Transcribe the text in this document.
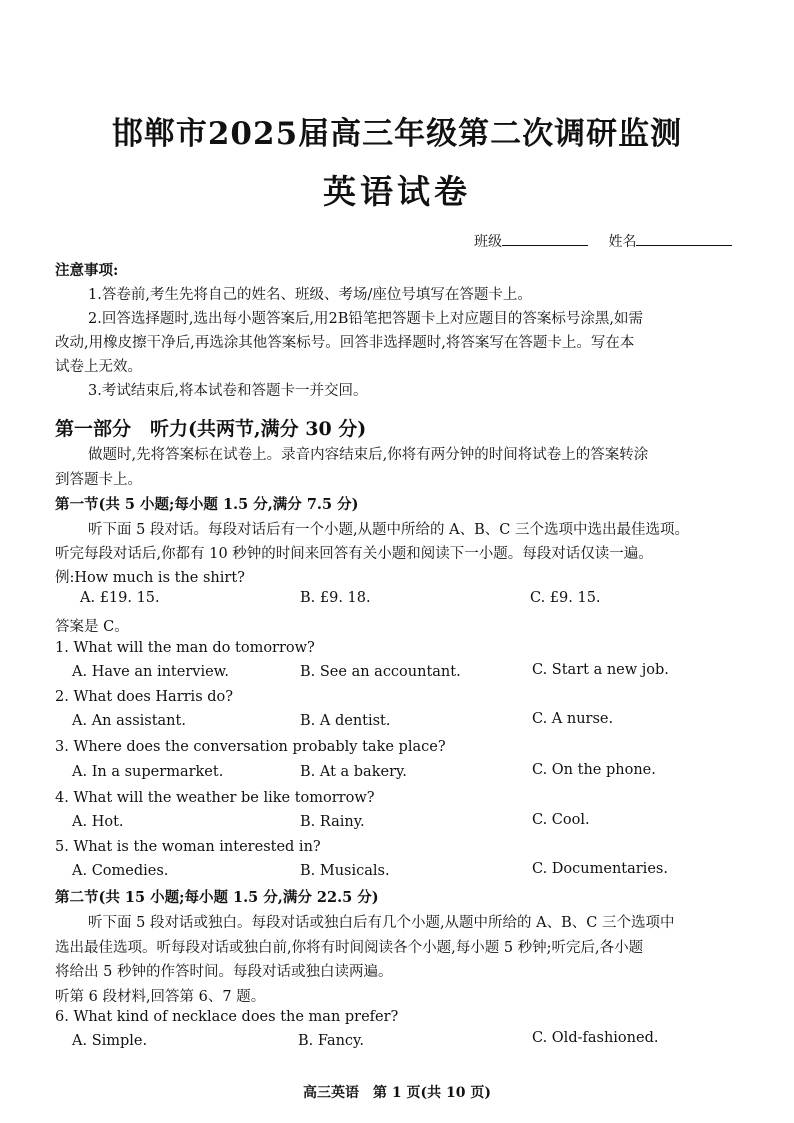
邯郸市2025届高三年级第二次调研监测
英语试卷
班级	姓名
注意事项:
1.答卷前,考生先将自己的姓名、班级、考场/座位号填写在答题卡上。
2.回答选择题时,选出每小题答案后,用2B铅笔把答题卡上对应题目的答案标号涂黑,如需
改动,用橡皮擦干净后,再选涂其他答案标号。回答非选择题时,将答案写在答题卡上。写在本
试卷上无效。
3.考试结束后,将本试卷和答题卡一并交回。
第一部分　听力(共两节,满分 30 分)
做题时,先将答案标在试卷上。录音内容结束后,你将有两分钟的时间将试卷上的答案转涂
到答题卡上。
第一节(共 5 小题;每小题 1.5 分,满分 7.5 分)
听下面 5 段对话。每段对话后有一个小题,从题中所给的 A、B、C 三个选项中选出最佳选项。
听完每段对话后,你都有 10 秒钟的时间来回答有关小题和阅读下一小题。每段对话仅读一遍。
例:How much is the shirt?
A. £19. 15.	B. £9. 18.	C. £9. 15.
答案是 C。
1. What will the man do tomorrow?
A. Have an interview.	B. See an accountant.	C. Start a new job.
2. What does Harris do?
A. An assistant.	B. A dentist.	C. A nurse.
3. Where does the conversation probably take place?
A. In a supermarket.	B. At a bakery.	C. On the phone.
4. What will the weather be like tomorrow?
A. Hot.	B. Rainy.	C. Cool.
5. What is the woman interested in?
A. Comedies.	B. Musicals.	C. Documentaries.
第二节(共 15 小题;每小题 1.5 分,满分 22.5 分)
听下面 5 段对话或独白。每段对话或独白后有几个小题,从题中所给的 A、B、C 三个选项中
选出最佳选项。听每段对话或独白前,你将有时间阅读各个小题,每小题 5 秒钟;听完后,各小题
将给出 5 秒钟的作答时间。每段对话或独白读两遍。
听第 6 段材料,回答第 6、7 题。
6. What kind of necklace does the man prefer?
A. Simple.	B. Fancy.	C. Old-fashioned.
高三英语　第 1 页(共 10 页)
